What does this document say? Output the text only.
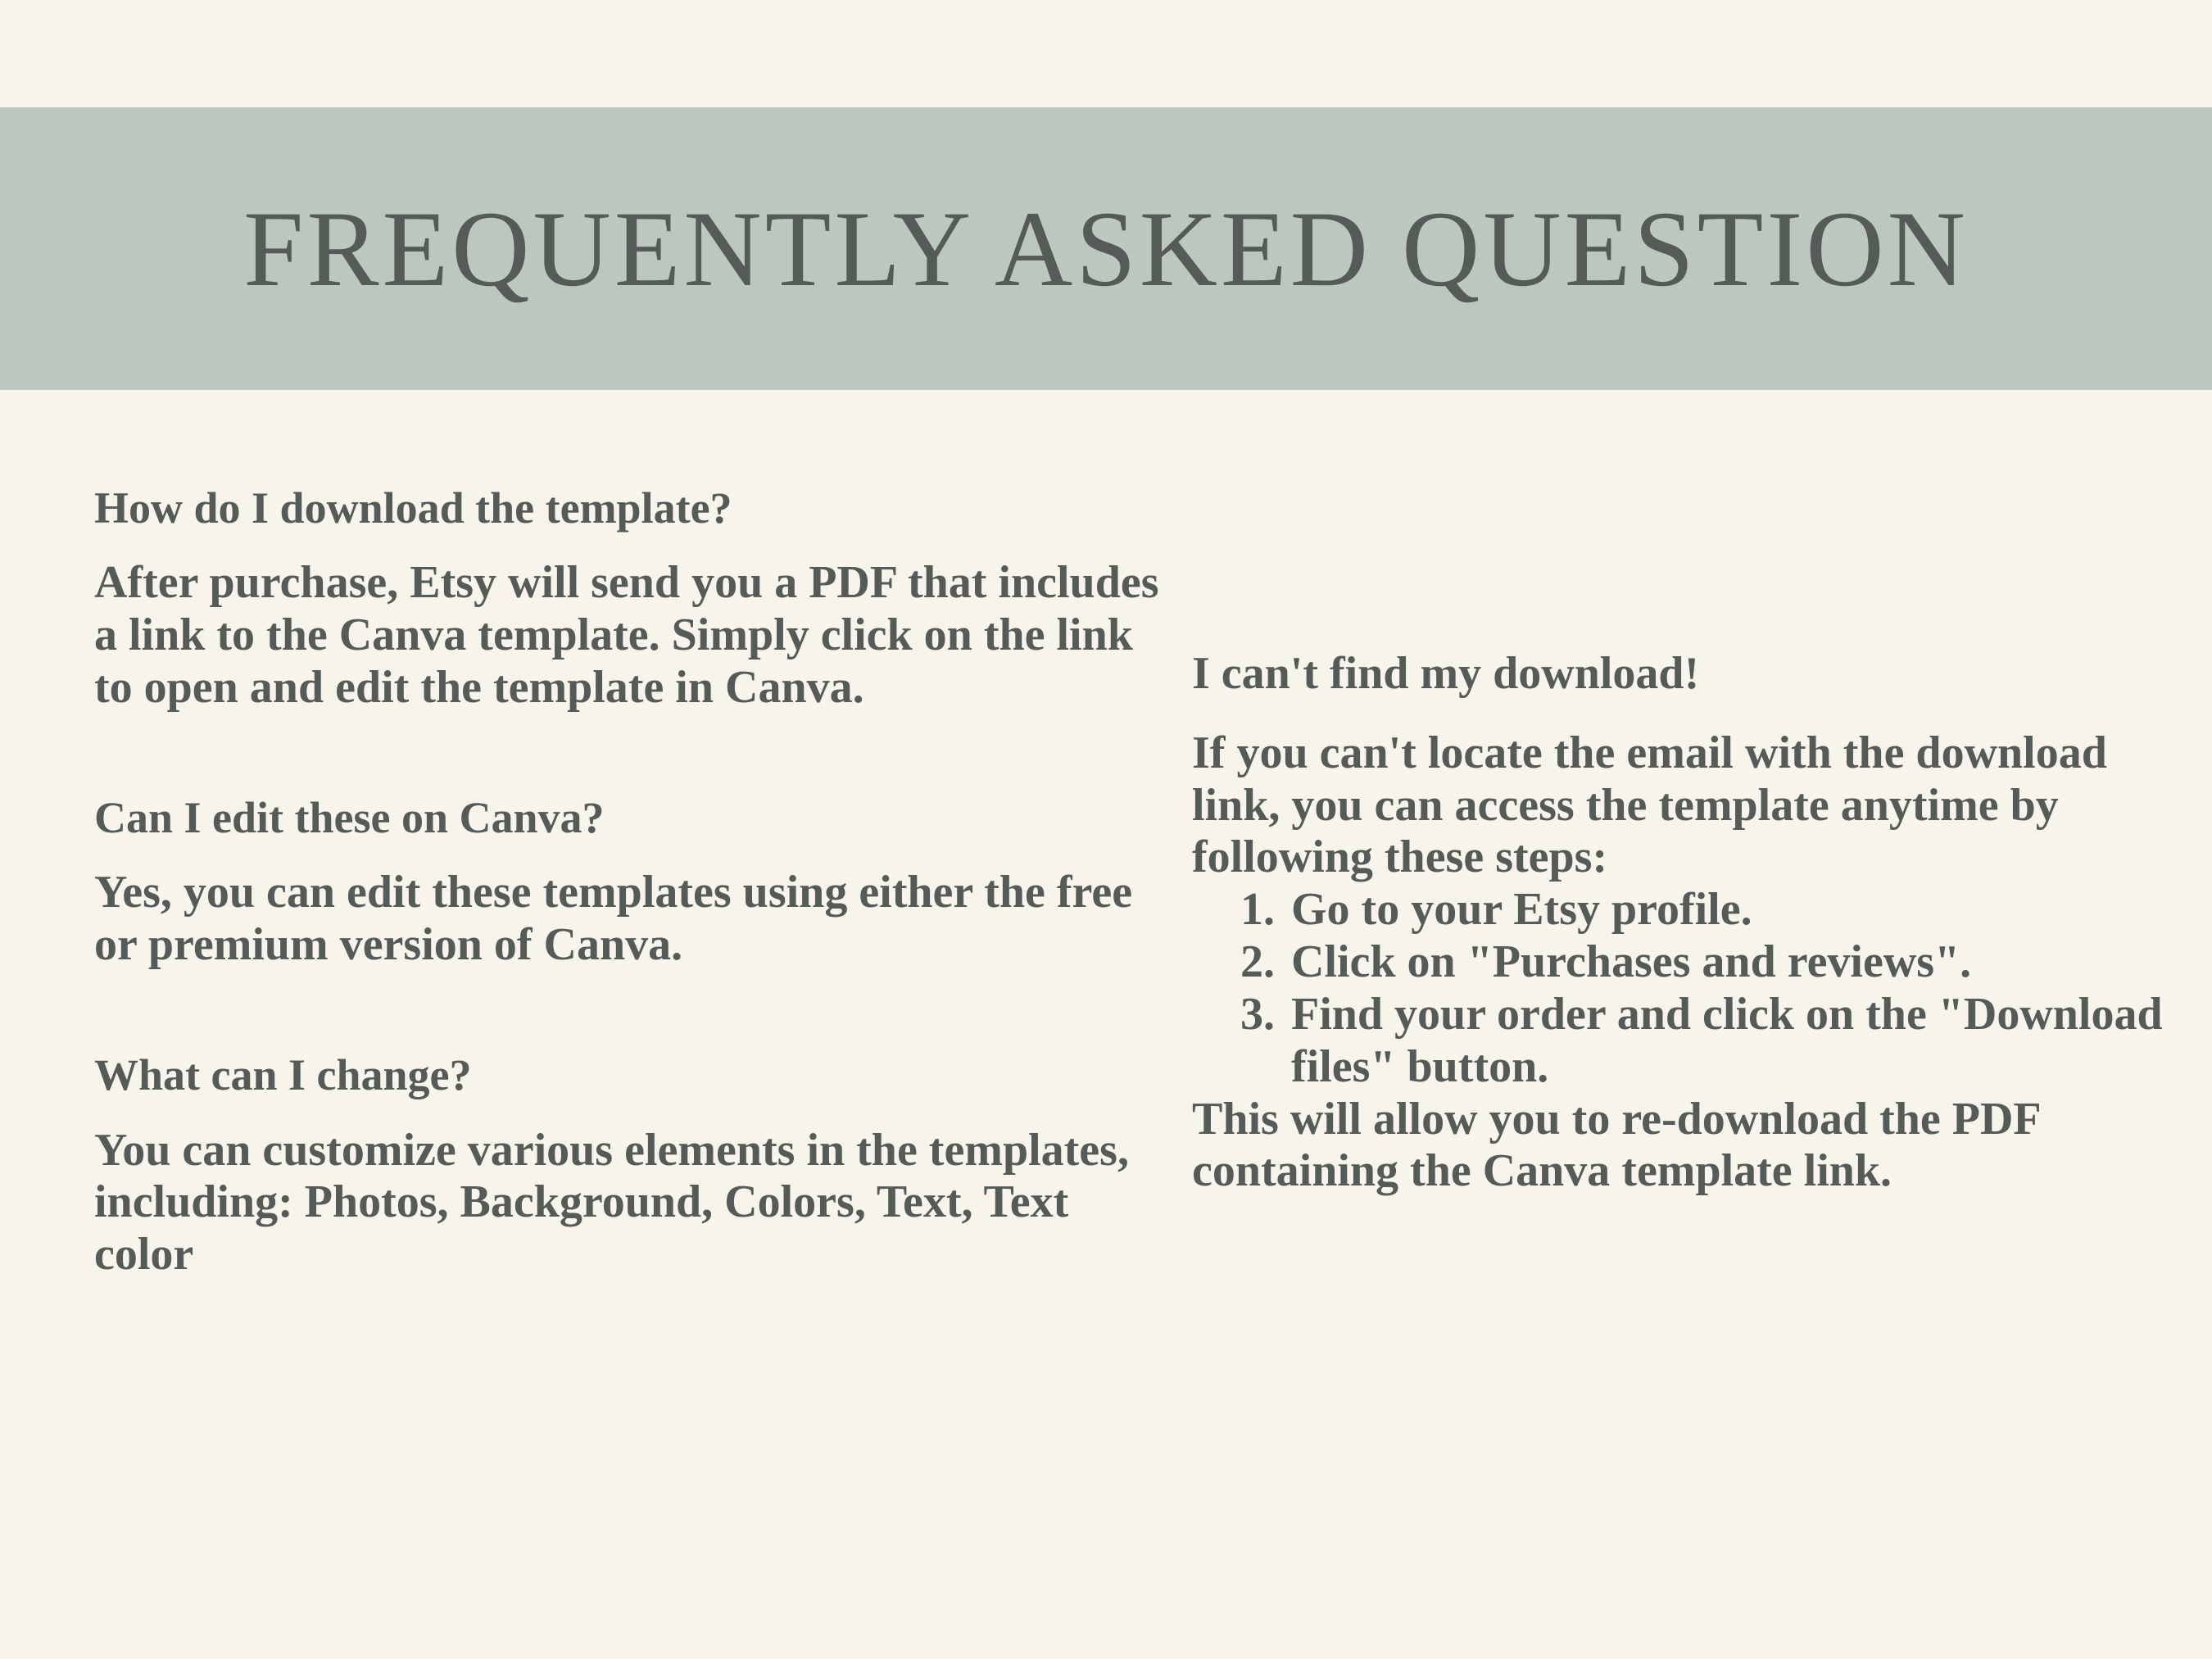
FREQUENTLY ASKED QUESTION

How do I download the template?

After purchase, Etsy will send you a PDF that includes a link to the Canva template. Simply click on the link to open and edit the template in Canva.

Can I edit these on Canva?

Yes, you can edit these templates using either the free or premium version of Canva.

What can I change?

You can customize various elements in the templates, including: Photos, Background, Colors, Text, Text color

I can't find my download!

If you can't locate the email with the download link, you can access the template anytime by following these steps:

1. Go to your Etsy profile.
2. Click on "Purchases and reviews".
3. Find your order and click on the "Download files" button.

This will allow you to re-download the PDF containing the Canva template link.
